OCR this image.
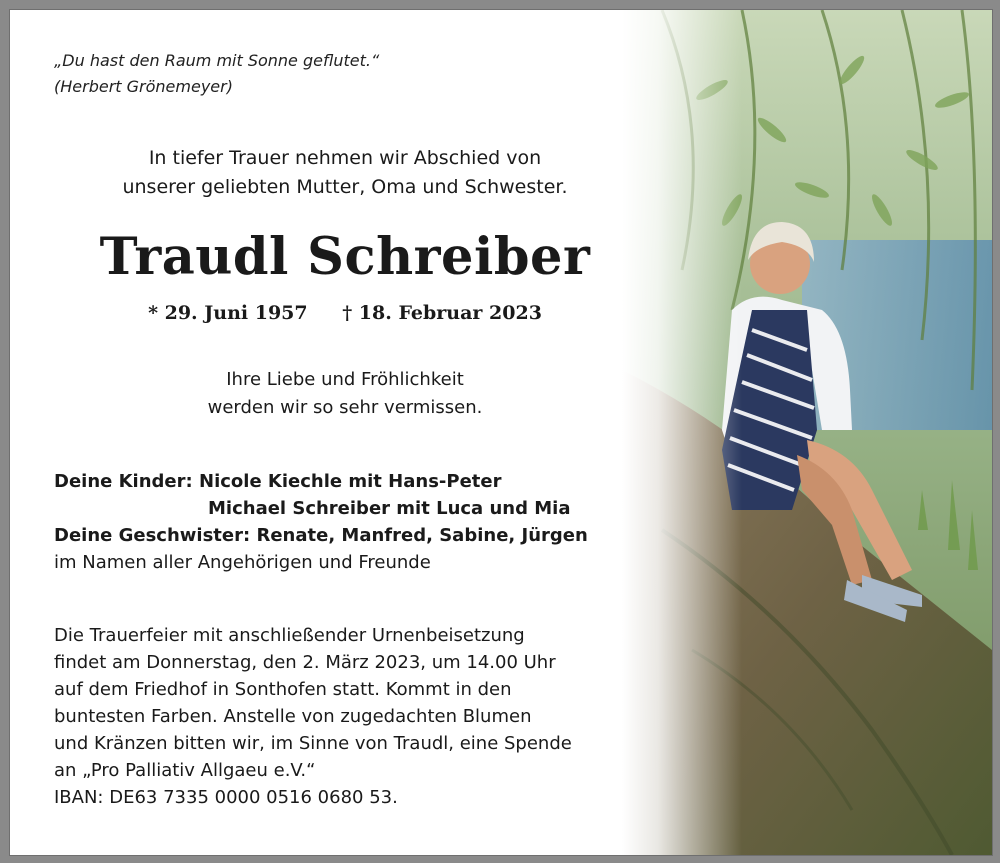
„Du hast den Raum mit Sonne geflutet.“
(Herbert Grönemeyer)
In tiefer Trauer nehmen wir Abschied von
unserer geliebten Mutter, Oma und Schwester.
Traudl Schreiber
* 29. Juni 1957 † 18. Februar 2023
Ihre Liebe und Fröhlichkeit
werden wir so sehr vermissen.
Deine Kinder: Nicole Kiechle mit Hans-Peter
Michael Schreiber mit Luca und Mia
Deine Geschwister: Renate, Manfred, Sabine, Jürgen
im Namen aller Angehörigen und Freunde
Die Trauerfeier mit anschließender Urnenbeisetzung
findet am Donnerstag, den 2. März 2023, um 14.00 Uhr
auf dem Friedhof in Sonthofen statt. Kommt in den
buntesten Farben. Anstelle von zugedachten Blumen
und Kränzen bitten wir, im Sinne von Traudl, eine Spende
an „Pro Palliativ Allgaeu e.V.“
IBAN: DE63 7335 0000 0516 0680 53.
